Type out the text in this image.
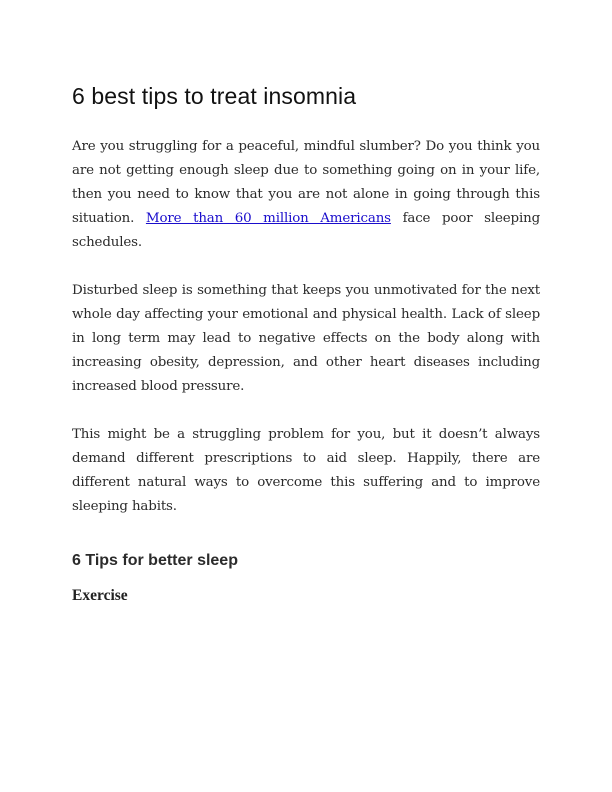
6 best tips to treat insomnia

Are you struggling for a peaceful, mindful slumber? Do you think you are not getting enough sleep due to something going on in your life, then you need to know that you are not alone in going through this situation. More than 60 million Americans face poor sleeping schedules.

Disturbed sleep is something that keeps you unmotivated for the next whole day affecting your emotional and physical health. Lack of sleep in long term may lead to negative effects on the body along with increasing obesity, depression, and other heart diseases including increased blood pressure.

This might be a struggling problem for you, but it doesn’t always demand different prescriptions to aid sleep. Happily, there are different natural ways to overcome this suffering and to improve sleeping habits.

6 Tips for better sleep
Exercise
